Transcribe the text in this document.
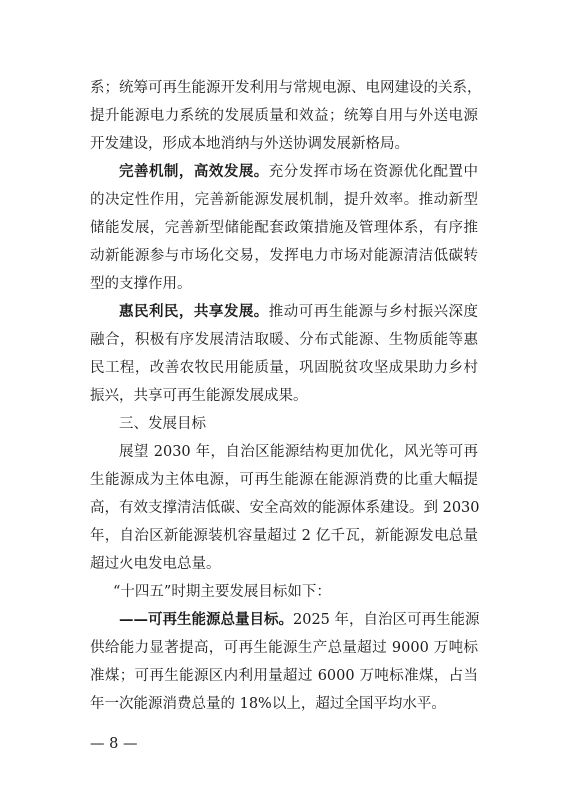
系；统筹可再生能源开发利用与常规电源、电网建设的关系，
提升能源电力系统的发展质量和效益；统筹自用与外送电源
开发建设，形成本地消纳与外送协调发展新格局。
完善机制，高效发展。充分发挥市场在资源优化配置中
的决定性作用，完善新能源发展机制，提升效率。推动新型
储能发展，完善新型储能配套政策措施及管理体系，有序推
动新能源参与市场化交易，发挥电力市场对能源清洁低碳转
型的支撑作用。
惠民利民，共享发展。推动可再生能源与乡村振兴深度
融合，积极有序发展清洁取暖、分布式能源、生物质能等惠
民工程，改善农牧民用能质量，巩固脱贫攻坚成果助力乡村
振兴，共享可再生能源发展成果。
三、发展目标
展望 2030 年，自治区能源结构更加优化，风光等可再
生能源成为主体电源，可再生能源在能源消费的比重大幅提
高，有效支撑清洁低碳、安全高效的能源体系建设。到 2030
年，自治区新能源装机容量超过 2 亿千瓦，新能源发电总量
超过火电发电总量。
“十四五”时期主要发展目标如下：
——可再生能源总量目标。2025 年，自治区可再生能源
供给能力显著提高，可再生能源生产总量超过 9000 万吨标
准煤；可再生能源区内利用量超过 6000 万吨标准煤，占当
年一次能源消费总量的 18%以上，超过全国平均水平。
— 8 —
